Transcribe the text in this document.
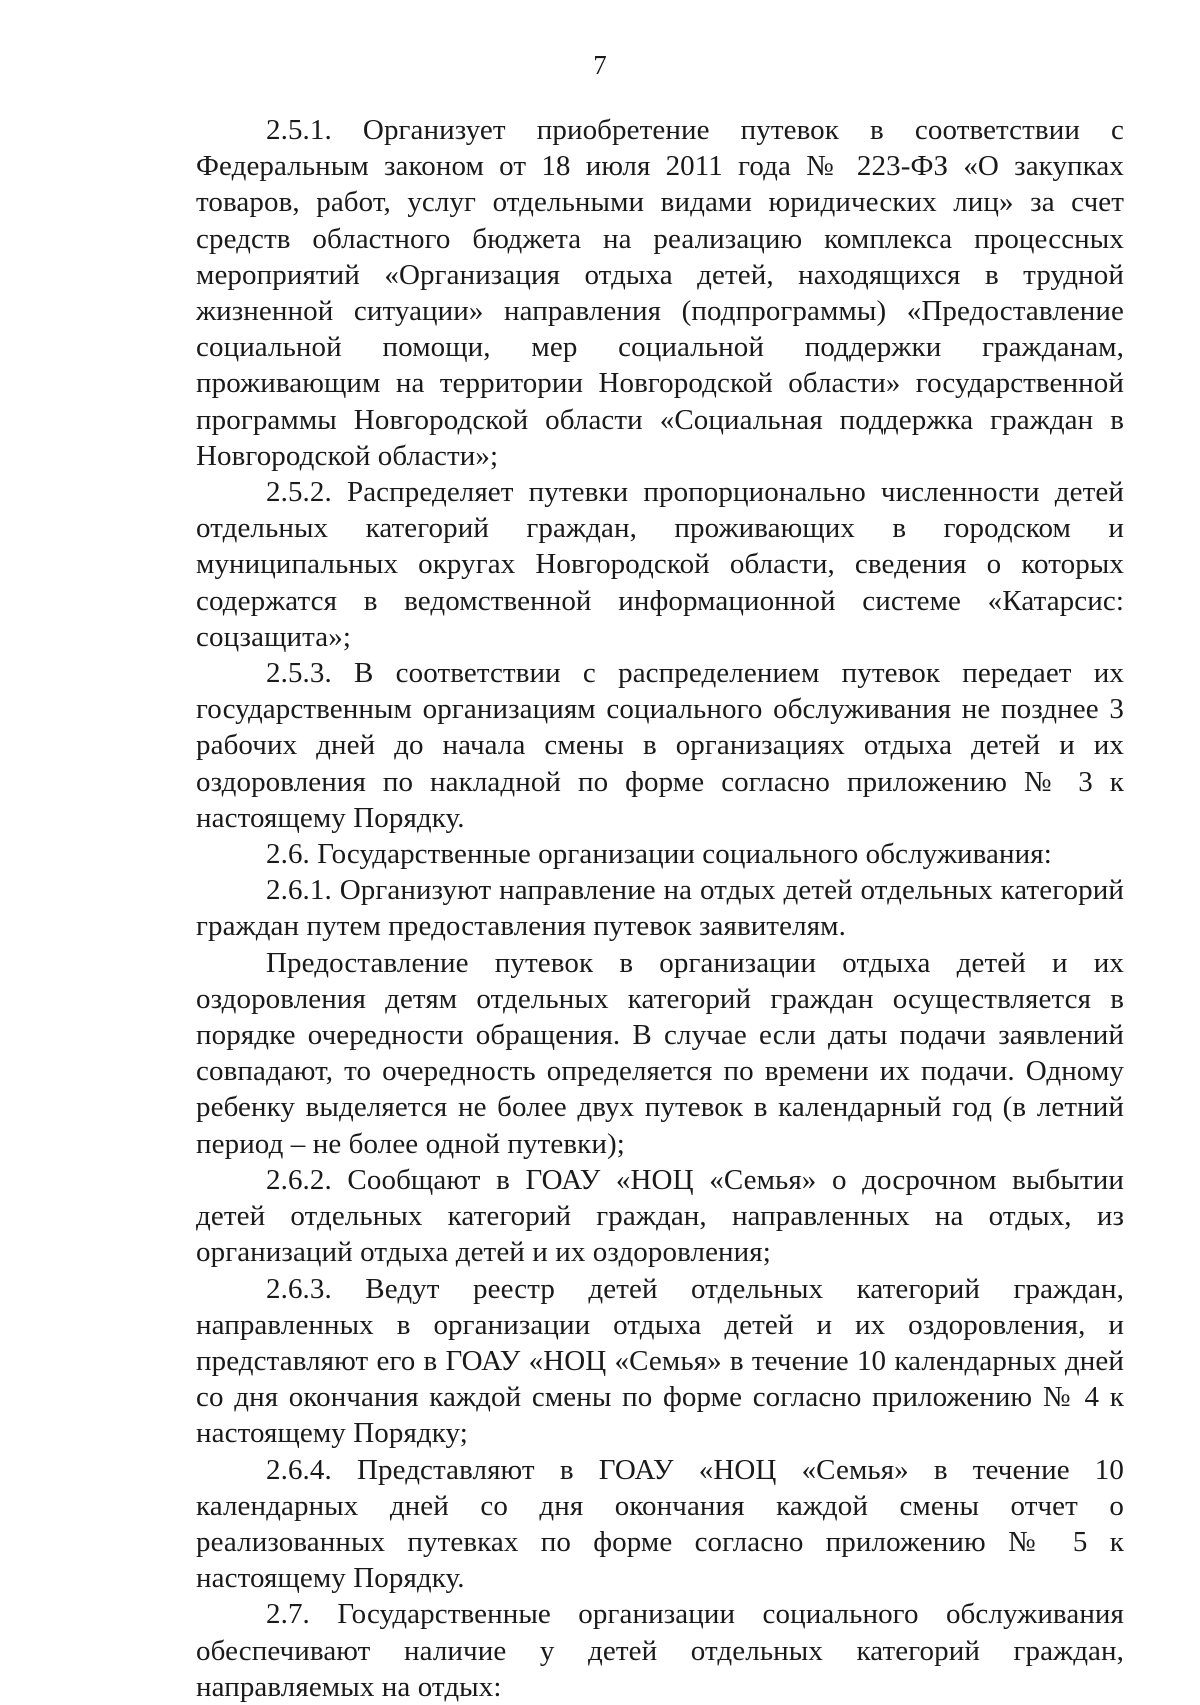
7

2.5.1. Организует приобретение путевок в соответствии с Федеральным законом от 18 июля 2011 года № 223-ФЗ «О закупках товаров, работ, услуг отдельными видами юридических лиц» за счет средств областного бюджета на реализацию комплекса процессных мероприятий «Организация отдыха детей, находящихся в трудной жизненной ситуации» направления (подпрограммы) «Предоставление социальной помощи, мер социальной поддержки гражданам, проживающим на территории Новгородской области» государственной программы Новгородской области «Социальная поддержка граждан в Новгородской области»;

2.5.2. Распределяет путевки пропорционально численности детей отдельных категорий граждан, проживающих в городском и муниципальных округах Новгородской области, сведения о которых содержатся в ведомственной информационной системе «Катарсис: соцзащита»;

2.5.3. В соответствии с распределением путевок передает их государственным организациям социального обслуживания не позднее 3 рабочих дней до начала смены в организациях отдыха детей и их оздоровления по накладной по форме согласно приложению № 3 к настоящему Порядку.

2.6. Государственные организации социального обслуживания:

2.6.1. Организуют направление на отдых детей отдельных категорий граждан путем предоставления путевок заявителям.

Предоставление путевок в организации отдыха детей и их оздоровления детям отдельных категорий граждан осуществляется в порядке очередности обращения. В случае если даты подачи заявлений совпадают, то очередность определяется по времени их подачи. Одному ребенку выделяется не более двух путевок в календарный год (в летний период – не более одной путевки);

2.6.2. Сообщают в ГОАУ «НОЦ «Семья» о досрочном выбытии детей отдельных категорий граждан, направленных на отдых, из организаций отдыха детей и их оздоровления;

2.6.3. Ведут реестр детей отдельных категорий граждан, направленных в организации отдыха детей и их оздоровления, и представляют его в ГОАУ «НОЦ «Семья» в течение 10 календарных дней со дня окончания каждой смены по форме согласно приложению № 4 к настоящему Порядку;

2.6.4. Представляют в ГОАУ «НОЦ «Семья» в течение 10 календарных дней со дня окончания каждой смены отчет о реализованных путевках по форме согласно приложению № 5 к настоящему Порядку.

2.7. Государственные организации социального обслуживания обеспечивают наличие у детей отдельных категорий граждан, направляемых на отдых:
